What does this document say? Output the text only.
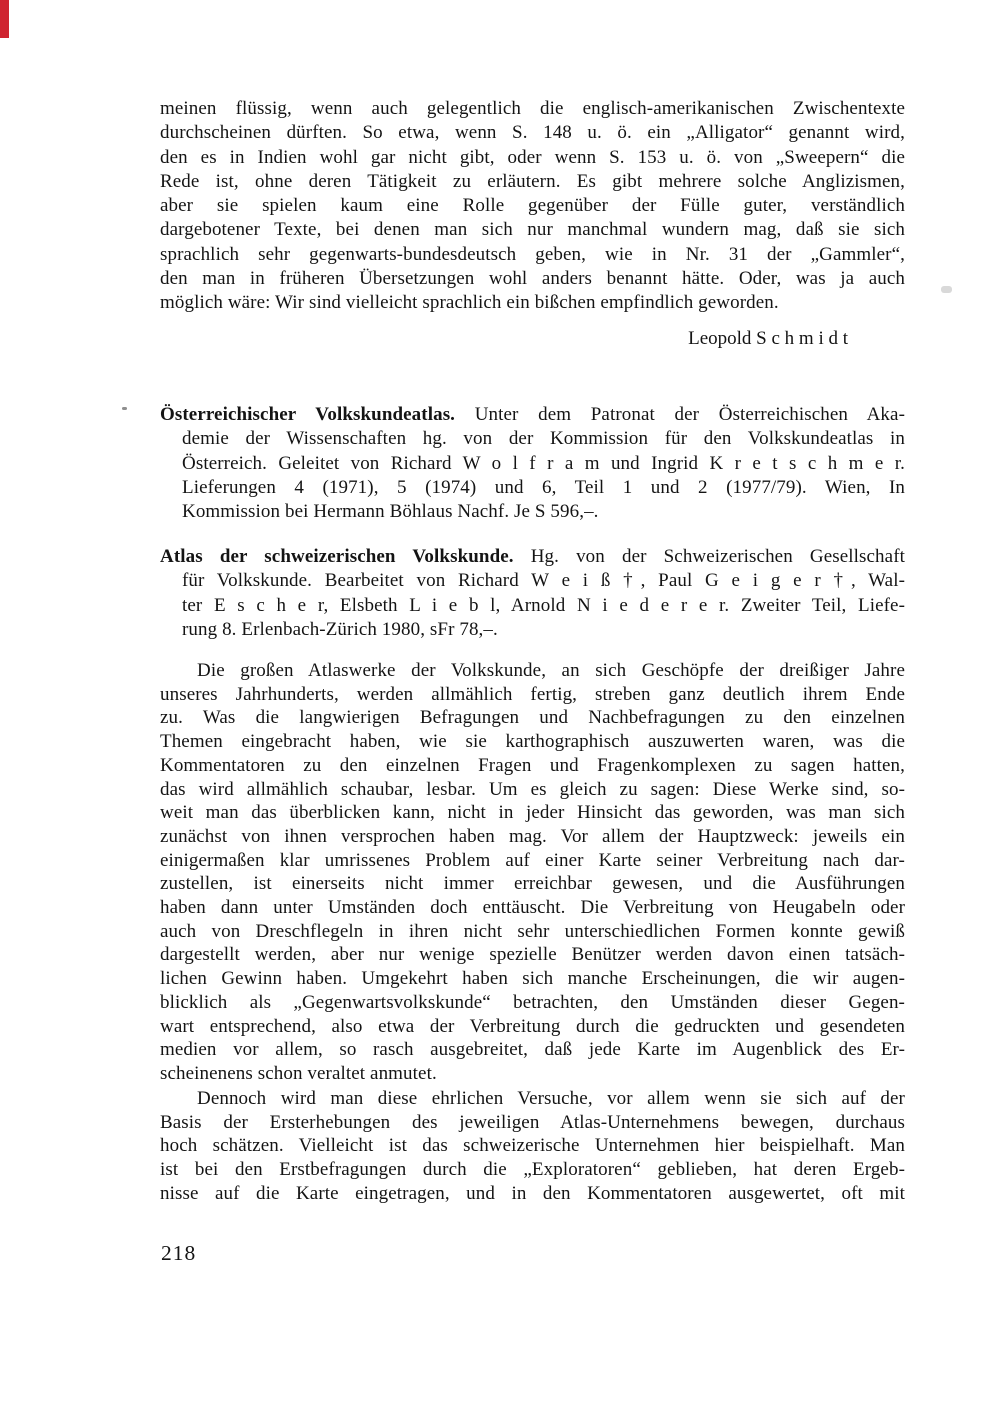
meinen flüssig, wenn auch gelegentlich die englisch-amerikanischen Zwischentexte
durchscheinen dürften. So etwa, wenn S. 148 u. ö. ein „Alligator“ genannt wird,
den es in Indien wohl gar nicht gibt, oder wenn S. 153 u. ö. von „Sweepern“ die
Rede ist, ohne deren Tätigkeit zu erläutern. Es gibt mehrere solche Anglizismen,
aber sie spielen kaum eine Rolle gegenüber der Fülle guter, verständlich
dargebotener Texte, bei denen man sich nur manchmal wundern mag, daß sie sich
sprachlich sehr gegenwarts-bundesdeutsch geben, wie in Nr. 31 der „Gammler“,
den man in früheren Übersetzungen wohl anders benannt hätte. Oder, was ja auch
möglich wäre: Wir sind vielleicht sprachlich ein bißchen empfindlich geworden.
Leopold S c h m i d t
Österreichischer Volkskundeatlas. Unter dem Patronat der Österreichischen Aka-
demie der Wissenschaften hg. von der Kommission für den Volkskundeatlas in
Österreich. Geleitet von Richard W o l f r a m und Ingrid K r e t s c h m e r.
Lieferungen 4 (1971), 5 (1974) und 6, Teil 1 und 2 (1977/79). Wien, In
Kommission bei Hermann Böhlaus Nachf. Je S 596,–.
Atlas der schweizerischen Volkskunde. Hg. von der Schweizerischen Gesellschaft
für Volkskunde. Bearbeitet von Richard W e i ß †, Paul G e i g e r †, Wal-
ter E s c h e r, Elsbeth L i e b l, Arnold N i e d e r e r. Zweiter Teil, Liefe-
rung 8. Erlenbach-Zürich 1980, sFr 78,–.
Die großen Atlaswerke der Volkskunde, an sich Geschöpfe der dreißiger Jahre
unseres Jahrhunderts, werden allmählich fertig, streben ganz deutlich ihrem Ende
zu. Was die langwierigen Befragungen und Nachbefragungen zu den einzelnen
Themen eingebracht haben, wie sie karthographisch auszuwerten waren, was die
Kommentatoren zu den einzelnen Fragen und Fragenkomplexen zu sagen hatten,
das wird allmählich schaubar, lesbar. Um es gleich zu sagen: Diese Werke sind, so-
weit man das überblicken kann, nicht in jeder Hinsicht das geworden, was man sich
zunächst von ihnen versprochen haben mag. Vor allem der Hauptzweck: jeweils ein
einigermaßen klar umrissenes Problem auf einer Karte seiner Verbreitung nach dar-
zustellen, ist einerseits nicht immer erreichbar gewesen, und die Ausführungen
haben dann unter Umständen doch enttäuscht. Die Verbreitung von Heugabeln oder
auch von Dreschflegeln in ihren nicht sehr unterschiedlichen Formen konnte gewiß
dargestellt werden, aber nur wenige spezielle Benützer werden davon einen tatsäch-
lichen Gewinn haben. Umgekehrt haben sich manche Erscheinungen, die wir augen-
blicklich als „Gegenwartsvolkskunde“ betrachten, den Umständen dieser Gegen-
wart entsprechend, also etwa der Verbreitung durch die gedruckten und gesendeten
medien vor allem, so rasch ausgebreitet, daß jede Karte im Augenblick des Er-
scheinenens schon veraltet anmutet.
Dennoch wird man diese ehrlichen Versuche, vor allem wenn sie sich auf der
Basis der Ersterhebungen des jeweiligen Atlas-Unternehmens bewegen, durchaus
hoch schätzen. Vielleicht ist das schweizerische Unternehmen hier beispielhaft. Man
ist bei den Erstbefragungen durch die „Exploratoren“ geblieben, hat deren Ergeb-
nisse auf die Karte eingetragen, und in den Kommentatoren ausgewertet, oft mit
218
